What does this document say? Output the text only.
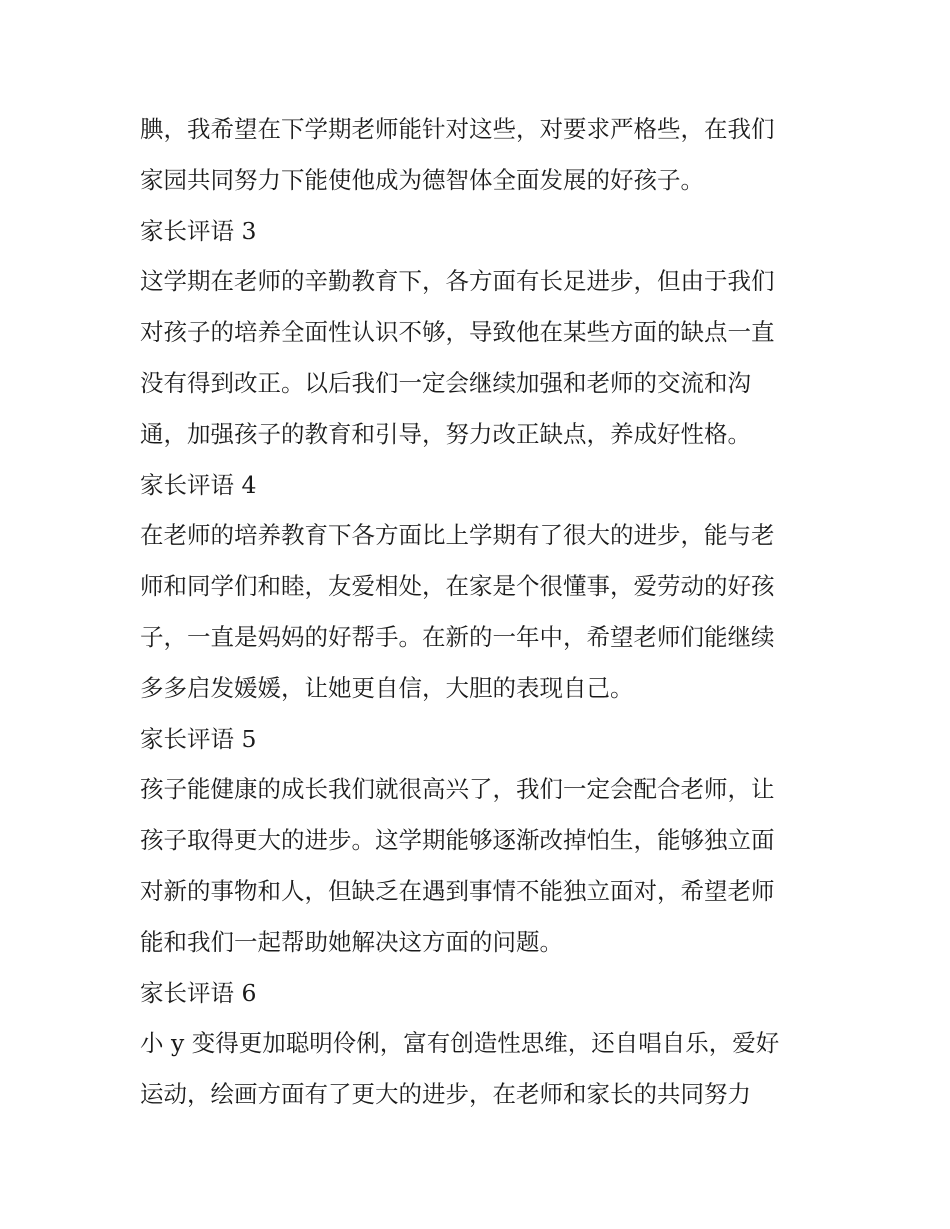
腆，我希望在下学期老师能针对这些，对要求严格些，在我们
家园共同努力下能使他成为德智体全面发展的好孩子。
家长评语 3
这学期在老师的辛勤教育下，各方面有长足进步，但由于我们
对孩子的培养全面性认识不够，导致他在某些方面的缺点一直
没有得到改正。以后我们一定会继续加强和老师的交流和沟
通，加强孩子的教育和引导，努力改正缺点，养成好性格。
家长评语 4
在老师的培养教育下各方面比上学期有了很大的进步，能与老
师和同学们和睦，友爱相处，在家是个很懂事，爱劳动的好孩
子，一直是妈妈的好帮手。在新的一年中，希望老师们能继续
多多启发媛媛，让她更自信，大胆的表现自己。
家长评语 5
孩子能健康的成长我们就很高兴了，我们一定会配合老师，让
孩子取得更大的进步。这学期能够逐渐改掉怕生，能够独立面
对新的事物和人，但缺乏在遇到事情不能独立面对，希望老师
能和我们一起帮助她解决这方面的问题。
家长评语 6
小 y 变得更加聪明伶俐，富有创造性思维，还自唱自乐，爱好
运动，绘画方面有了更大的进步，在老师和家长的共同努力
